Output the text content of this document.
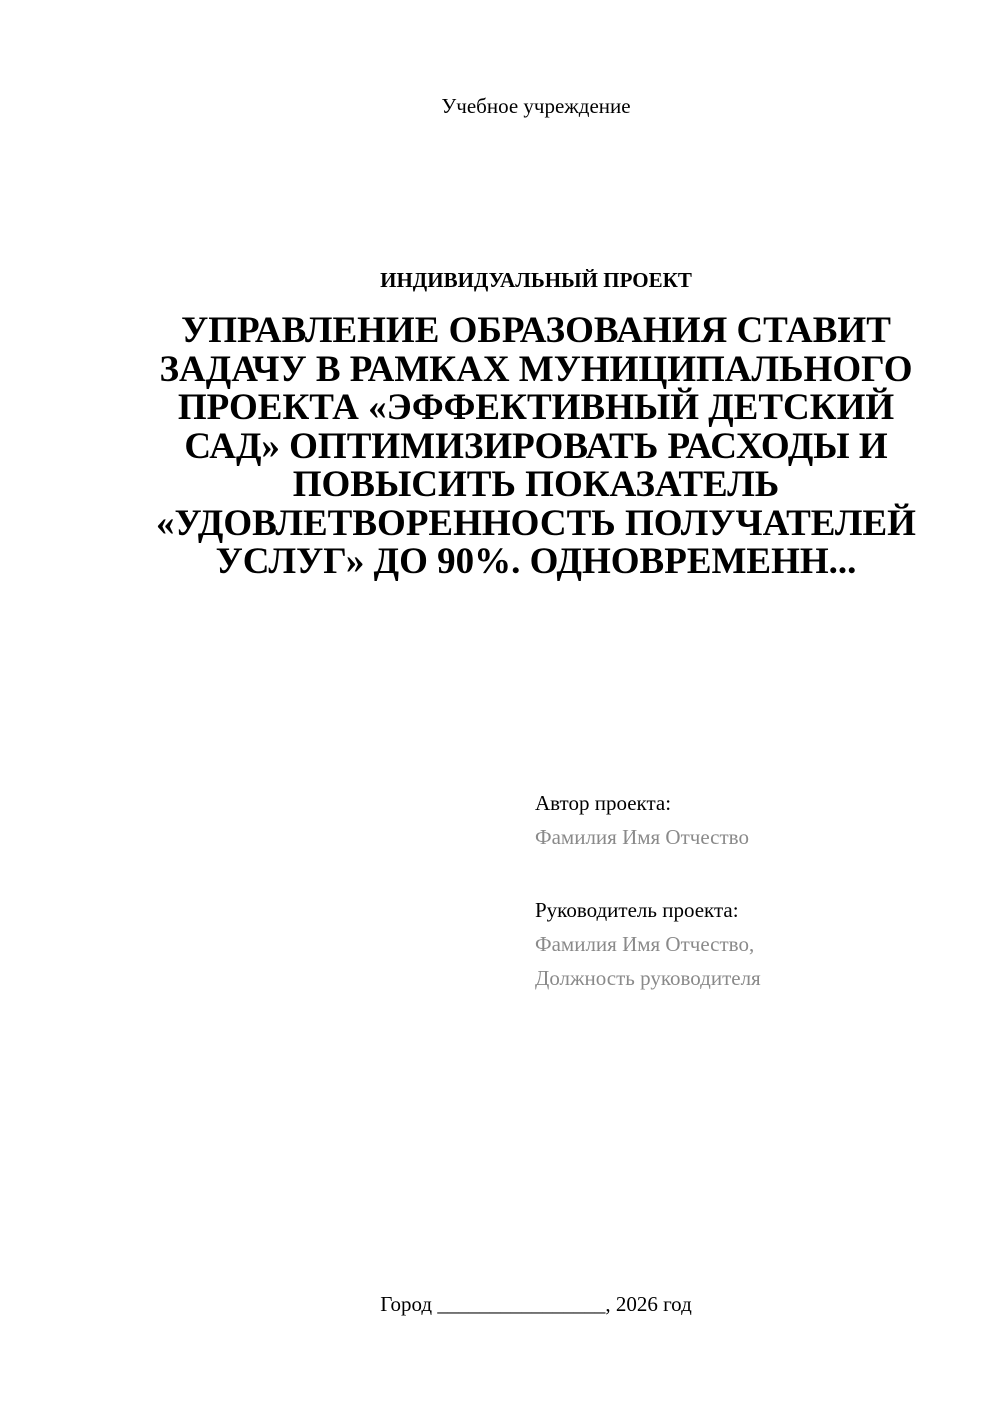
Учебное учреждение
ИНДИВИДУАЛЬНЫЙ ПРОЕКТ
УПРАВЛЕНИЕ ОБРАЗОВАНИЯ СТАВИТ ЗАДАЧУ В РАМКАХ МУНИЦИПАЛЬНОГО ПРОЕКТА «ЭФФЕКТИВНЫЙ ДЕТСКИЙ САД» ОПТИМИЗИРОВАТЬ РАСХОДЫ И ПОВЫСИТЬ ПОКАЗАТЕЛЬ «УДОВЛЕТВОРЕННОСТЬ ПОЛУЧАТЕЛЕЙ УСЛУГ» ДО 90%. ОДНОВРЕМЕНН...
Автор проекта:
Фамилия Имя Отчество
Руководитель проекта:
Фамилия Имя Отчество,
Должность руководителя
Город ________________, 2026 год
